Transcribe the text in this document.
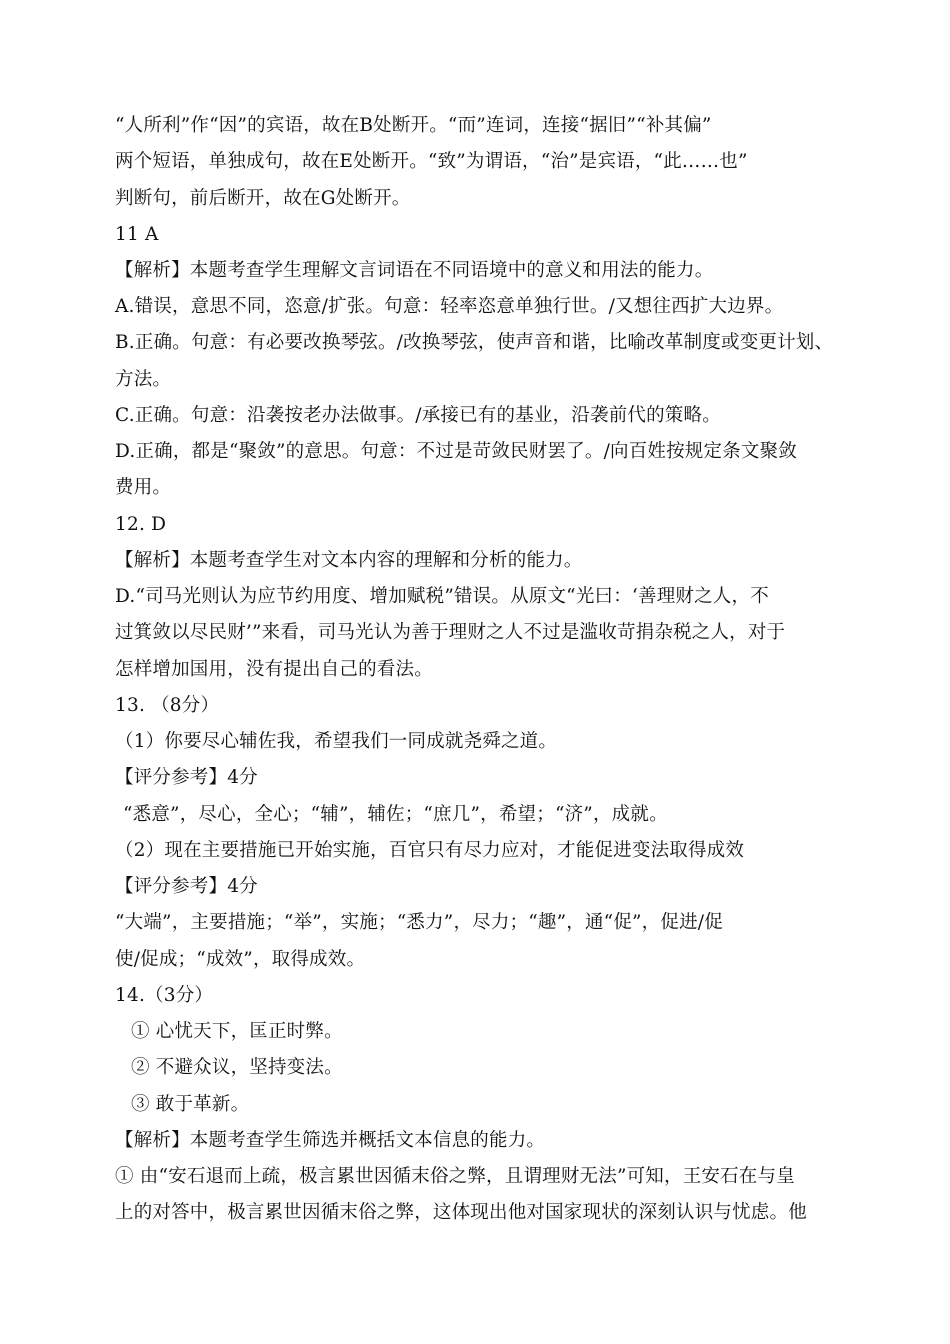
“人所利”作“因”的宾语，故在B处断开。“而”连词，连接“据旧”“补其偏”
两个短语，单独成句，故在E处断开。“致”为谓语，“治”是宾语，“此……也”
判断句，前后断开，故在G处断开。
11 A
【解析】本题考查学生理解文言词语在不同语境中的意义和用法的能力。
A.错误，意思不同，恣意/扩张。句意：轻率恣意单独行世。/又想往西扩大边界。
B.正确。句意：有必要改换琴弦。/改换琴弦，使声音和谐，比喻改革制度或变更计划、
方法。
C.正确。句意：沿袭按老办法做事。/承接已有的基业，沿袭前代的策略。
D.正确，都是“聚敛”的意思。句意：不过是苛敛民财罢了。/向百姓按规定条文聚敛
费用。
12. D
【解析】本题考查学生对文本内容的理解和分析的能力。
D.“司马光则认为应节约用度、增加赋税”错误。从原文“光曰：‘善理财之人，不
过箕敛以尽民财’”来看，司马光认为善于理财之人不过是滥收苛捐杂税之人，对于
怎样增加国用，没有提出自己的看法。
13. （8分）
（1）你要尽心辅佐我，希望我们一同成就尧舜之道。
【评分参考】4分
“悉意”，尽心，全心；“辅”，辅佐；“庶几”，希望；“济”，成就。
（2）现在主要措施已开始实施，百官只有尽力应对，才能促进变法取得成效
【评分参考】4分
“大端”，主要措施；“举”，实施；“悉力”，尽力；“趣”，通“促”，促进/促
使/促成；“成效”，取得成效。
14.（3分）
① 心忧天下，匡正时弊。
② 不避众议，坚持变法。
③ 敢于革新。
【解析】本题考查学生筛选并概括文本信息的能力。
① 由“安石退而上疏，极言累世因循末俗之弊，且谓理财无法”可知，王安石在与皇
上的对答中，极言累世因循末俗之弊，这体现出他对国家现状的深刻认识与忧虑。他
